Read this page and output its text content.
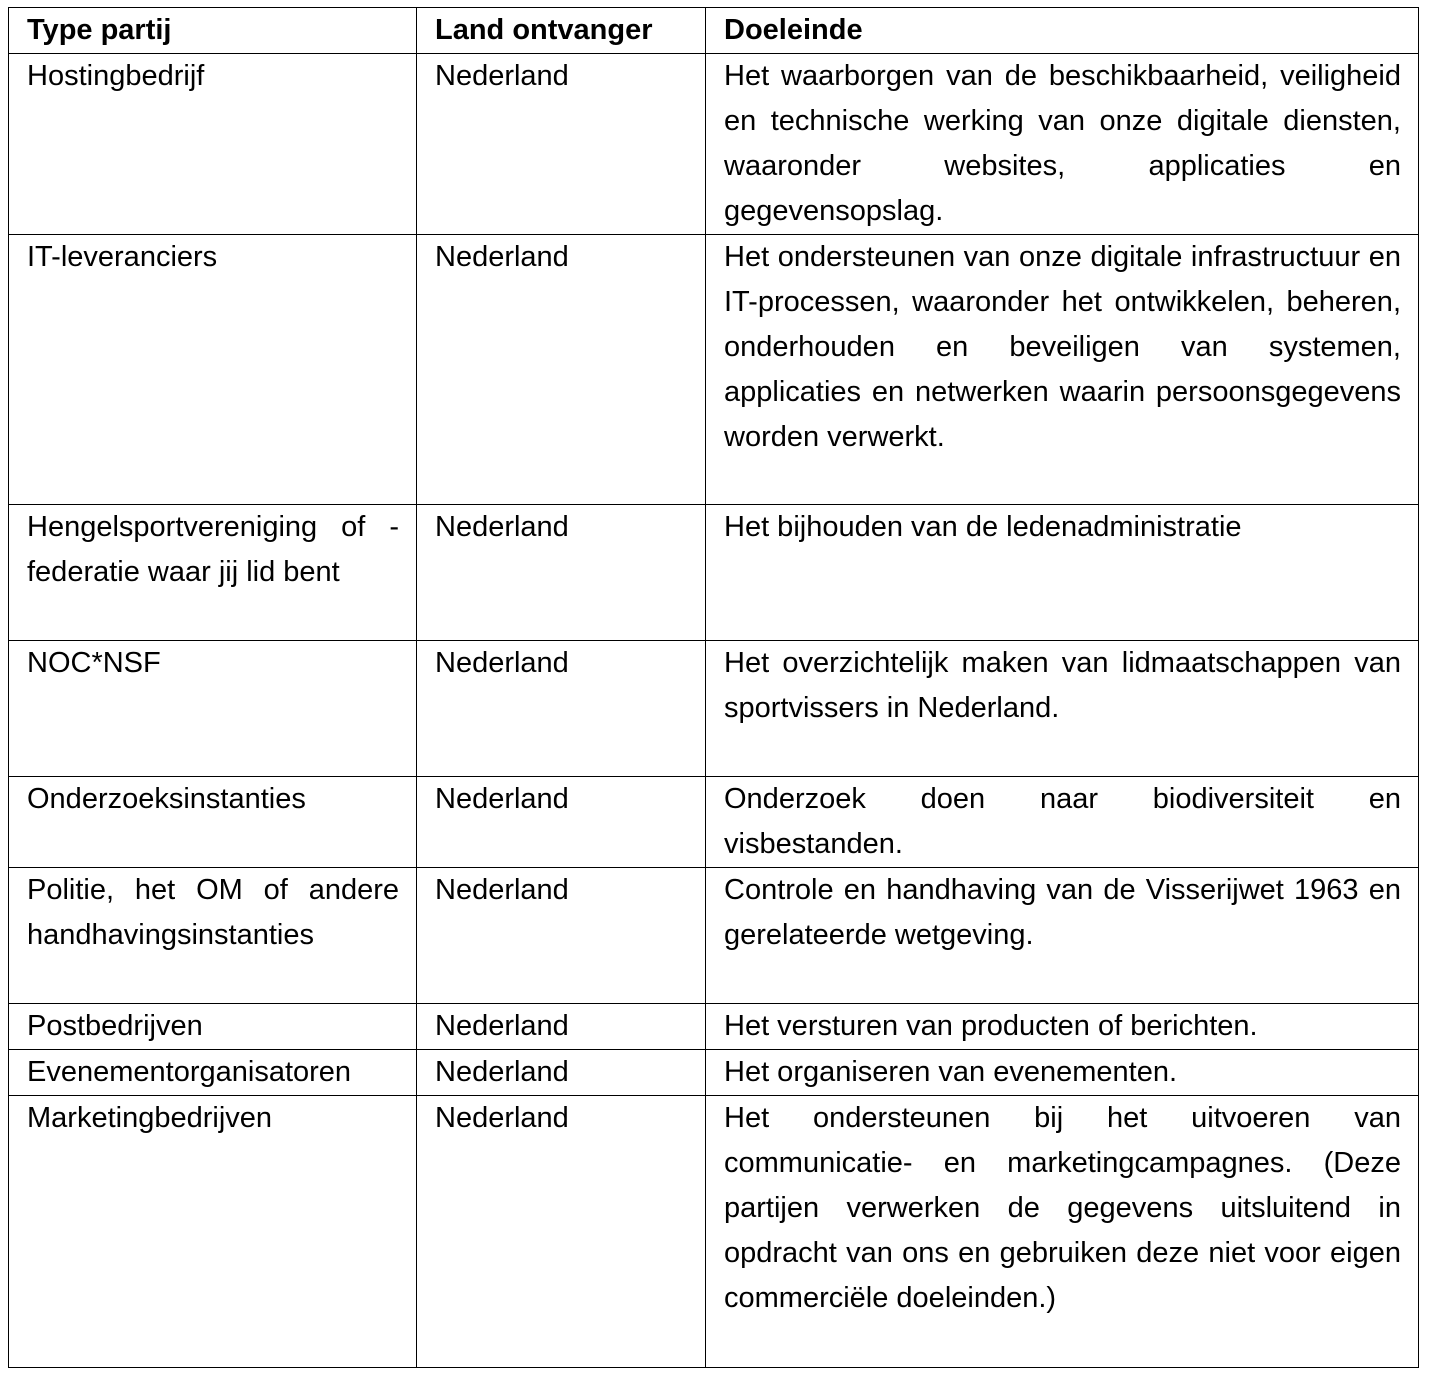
Type partij	Land ontvanger	Doeleinde
Hostingbedrijf	Nederland	Het waarborgen van de beschikbaarheid, veiligheid en technische werking van onze digitale diensten, waaronder websites, applicaties en gegevensopslag.
IT-leveranciers	Nederland	Het ondersteunen van onze digitale infrastructuur en IT-processen, waaronder het ontwikkelen, beheren, onderhouden en beveiligen van systemen, applicaties en netwerken waarin persoonsgegevens worden verwerkt.
Hengelsportvereniging of -federatie waar jij lid bent	Nederland	Het bijhouden van de ledenadministratie
NOC*NSF	Nederland	Het overzichtelijk maken van lidmaatschappen van sportvissers in Nederland.
Onderzoeksinstanties	Nederland	Onderzoek doen naar biodiversiteit en visbestanden.
Politie, het OM of andere handhavingsinstanties	Nederland	Controle en handhaving van de Visserijwet 1963 en gerelateerde wetgeving.
Postbedrijven	Nederland	Het versturen van producten of berichten.
Evenementorganisatoren	Nederland	Het organiseren van evenementen.
Marketingbedrijven	Nederland	Het ondersteunen bij het uitvoeren van communicatie- en marketingcampagnes. (Deze partijen verwerken de gegevens uitsluitend in opdracht van ons en gebruiken deze niet voor eigen commerciële doeleinden.)
